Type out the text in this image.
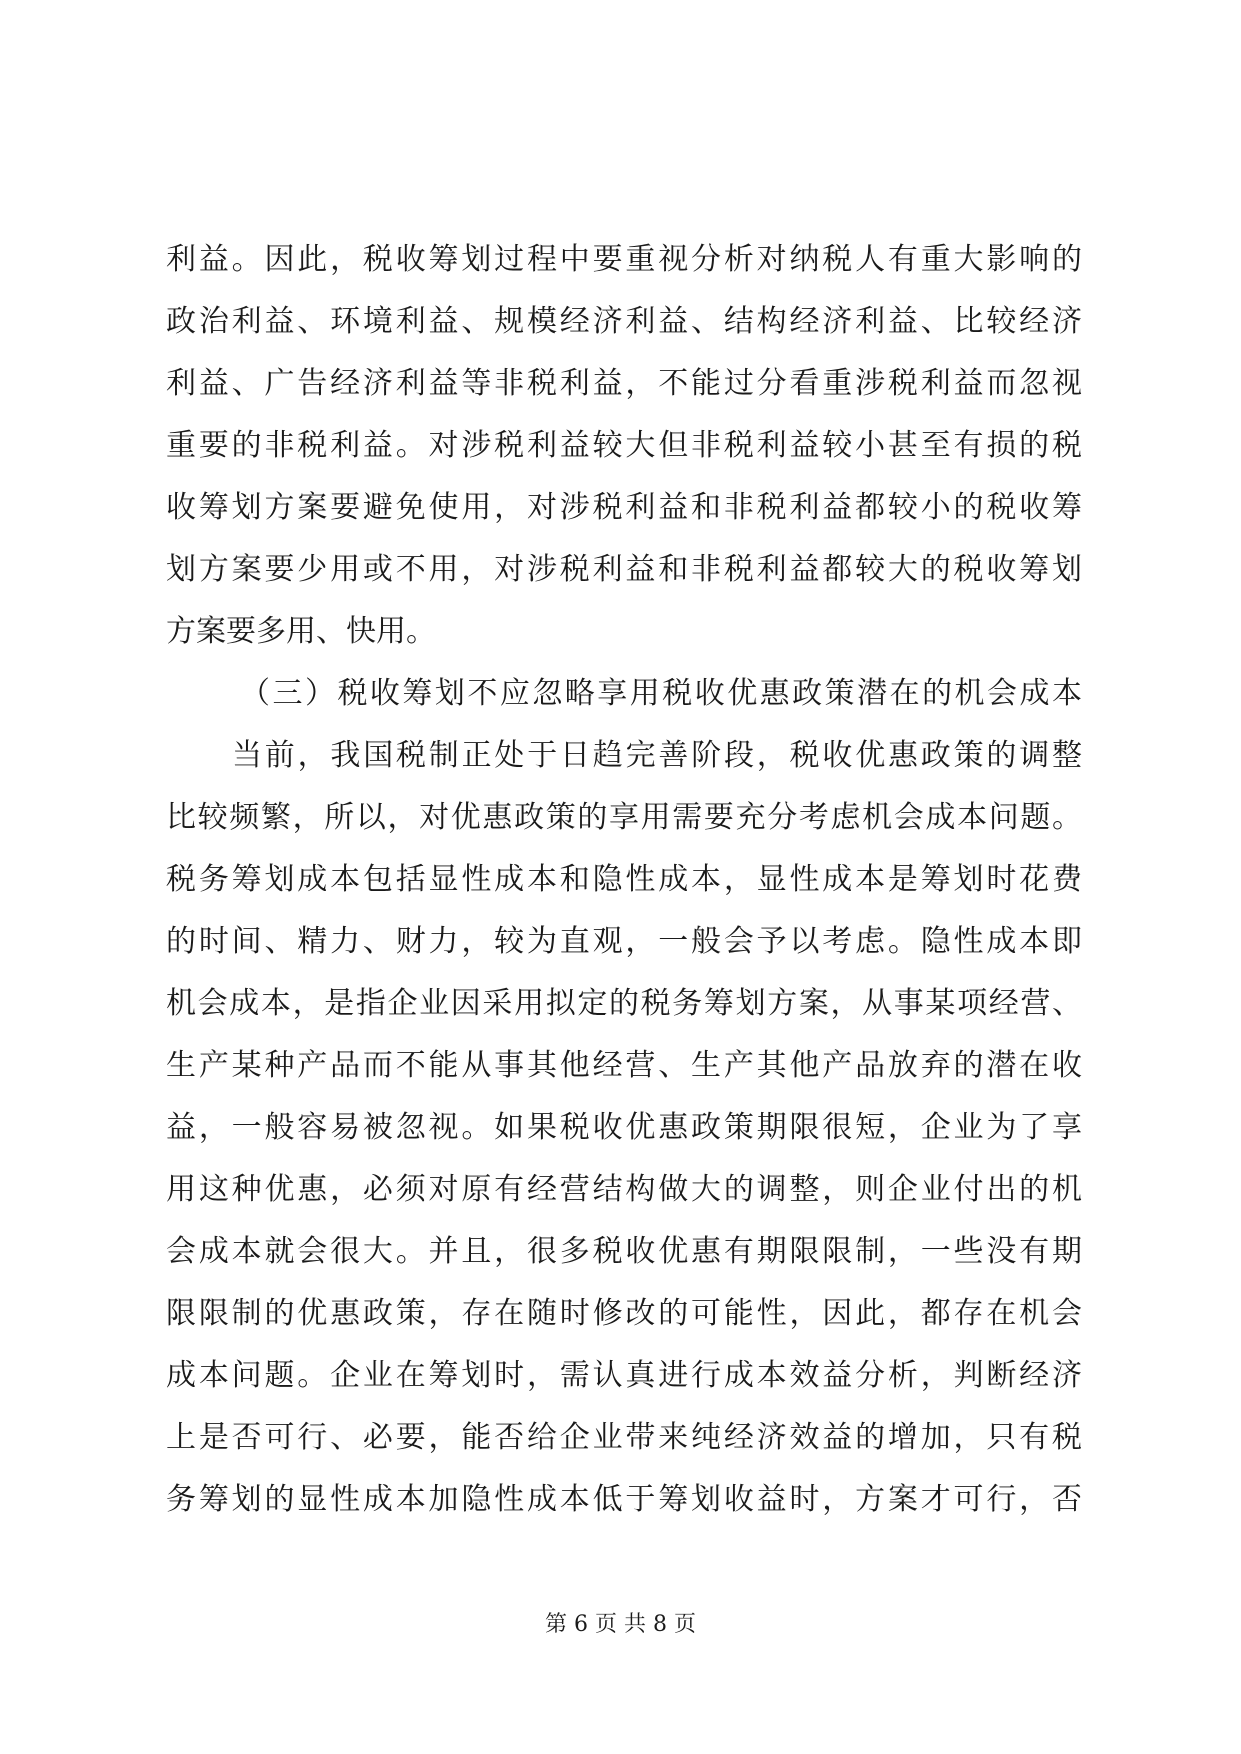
利益。因此，税收筹划过程中要重视分析对纳税人有重大影响的
政治利益、环境利益、规模经济利益、结构经济利益、比较经济
利益、广告经济利益等非税利益，不能过分看重涉税利益而忽视
重要的非税利益。对涉税利益较大但非税利益较小甚至有损的税
收筹划方案要避免使用，对涉税利益和非税利益都较小的税收筹
划方案要少用或不用，对涉税利益和非税利益都较大的税收筹划
方案要多用、快用。
（三）税收筹划不应忽略享用税收优惠政策潜在的机会成本
当前，我国税制正处于日趋完善阶段，税收优惠政策的调整
比较频繁，所以，对优惠政策的享用需要充分考虑机会成本问题。
税务筹划成本包括显性成本和隐性成本，显性成本是筹划时花费
的时间、精力、财力，较为直观，一般会予以考虑。隐性成本即
机会成本，是指企业因采用拟定的税务筹划方案，从事某项经营、
生产某种产品而不能从事其他经营、生产其他产品放弃的潜在收
益，一般容易被忽视。如果税收优惠政策期限很短，企业为了享
用这种优惠，必须对原有经营结构做大的调整，则企业付出的机
会成本就会很大。并且，很多税收优惠有期限限制，一些没有期
限限制的优惠政策，存在随时修改的可能性，因此，都存在机会
成本问题。企业在筹划时，需认真进行成本效益分析，判断经济
上是否可行、必要，能否给企业带来纯经济效益的增加，只有税
务筹划的显性成本加隐性成本低于筹划收益时，方案才可行，否
第 6 页 共 8 页
